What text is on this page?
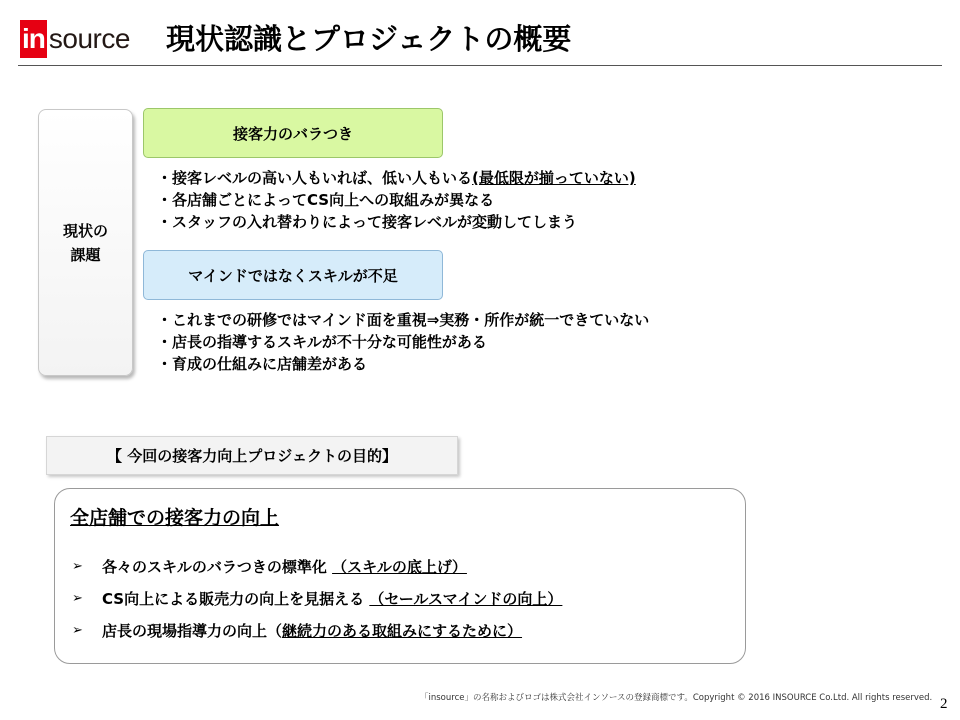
in source 現状認識とプロジェクトの概要
現状の
課題
接客力のバラつき
・ 接客レベルの高い人もいれば、低い人もいる(最低限が揃っていない)
・ 各店舗ごとによってCS向上への取組みが異なる
・ スタッフの入れ替わりによって接客レベルが変動してしまう
マインドではなくスキルが不足
・ これまでの研修ではマインド面を重視⇒実務・所作が統一できていない
・ 店長の指導するスキルが不十分な可能性がある
・ 育成の仕組みに店舗差がある
【 今回の接客力向上プロジェクトの目的】
全店舗での接客力の向上
➢	各々のスキルのバラつきの標準化 （スキルの底上げ）
➢	CS向上による販売力の向上を見据える （セールスマインドの向上）
➢	店長の現場指導力の向上（継続力のある取組みにするために）
「insource」の名称およびロゴは株式会社インソースの登録商標です。Copyright © 2016 INSOURCE Co.Ltd. All rights reserved. 2
